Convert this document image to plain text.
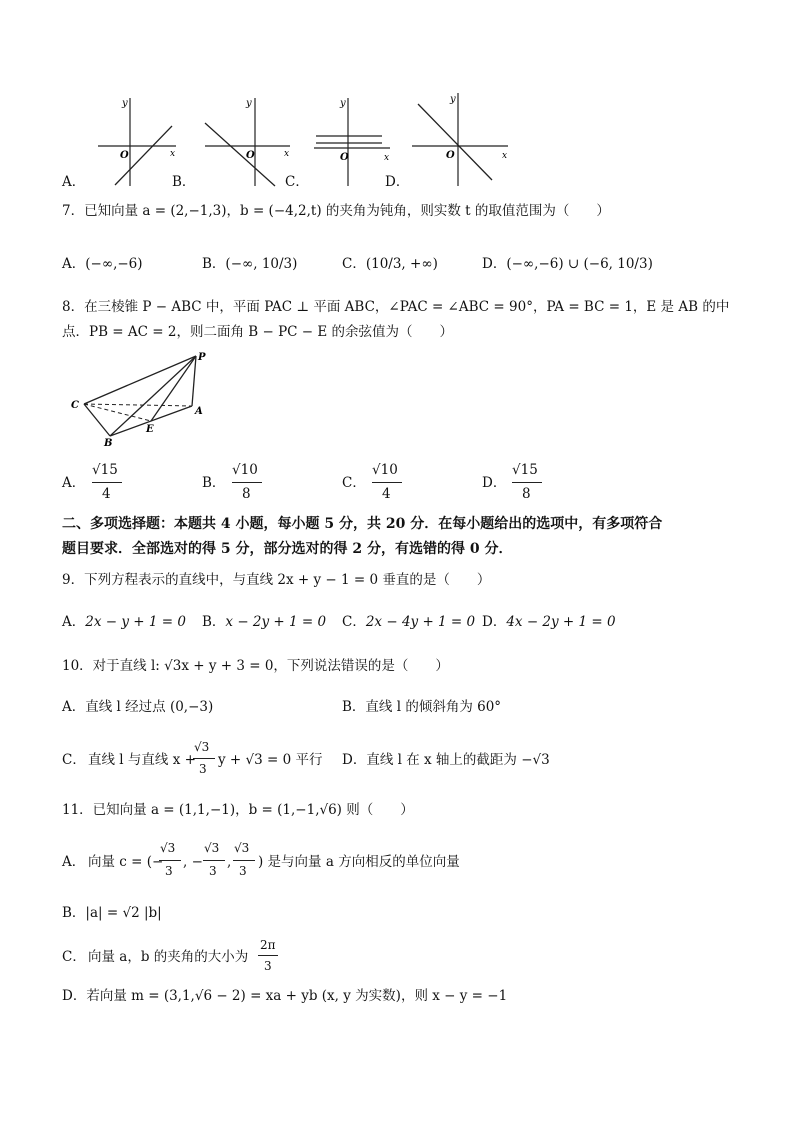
A．
y
x
O
B．
y
x
O
C．
y
x
O
D．
y
x
O
7．已知向量 a = (2,−1,3)，b = (−4,2,t) 的夹角为钝角，则实数 t 的取值范围为（　　）
A．(−∞,−6)	B．(−∞, 10/3)	C．(10/3, +∞)	D．(−∞,−6) ∪ (−6, 10/3)
8．在三棱锥 P − ABC 中，平面 PAC ⊥ 平面 ABC，∠PAC = ∠ABC = 90°，PA = BC = 1，E 是 AB 的中
点．PB = AC = 2，则二面角 B − PC − E 的余弦值为（　　）
P
C
A
E
B
A．
√15
4
B．
√10
8
C．
√10
4
D．
√15
8
二、多项选择题：本题共 4 小题，每小题 5 分，共 20 分．在每小题给出的选项中，有多项符合
题目要求．全部选对的得 5 分，部分选对的得 2 分，有选错的得 0 分．
9．下列方程表示的直线中，与直线 2x + y − 1 = 0 垂直的是（　　）
A．2x − y + 1 = 0 B．x − 2y + 1 = 0 C．2x − 4y + 1 = 0 D．4x − 2y + 1 = 0
10．对于直线 l: √3x + y + 3 = 0，下列说法错误的是（　　）
A．直线 l 经过点 (0,−3)	B．直线 l 的倾斜角为 60°
C． 直线 l 与直线 x +
√3
3
y + √3 = 0 平行 D．直线 l 在 x 轴上的截距为 −√3
11．已知向量 a = (1,1,−1)，b = (1,−1,√6) 则（　　）
A． 向量 c = (−
√3
3
, −
√3
3
,
√3
3
) 是与向量 a 方向相反的单位向量
B．|a| = √2 |b|
C． 向量 a，b 的夹角的大小为
2π
3
D．若向量 m = (3,1,√6 − 2) = xa + yb (x, y 为实数)，则 x − y = −1
